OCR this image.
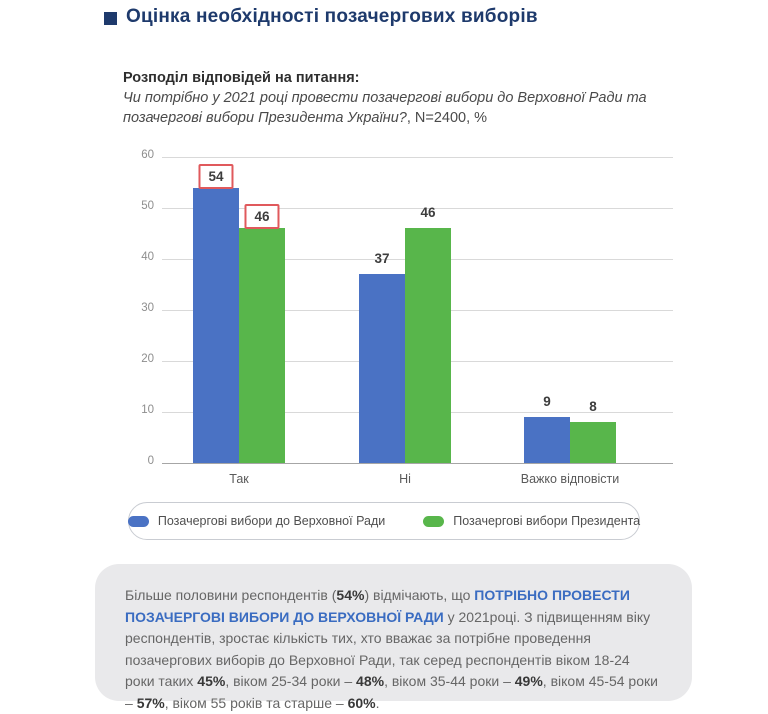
Оцінка необхідності позачергових виборів
Розподіл відповідей на питання:
Чи потрібно у 2021 році провести позачергові вибори до Верховної Ради та позачергові вибори Президента України?, N=2400, %
0
10
20
30
40
50
60
54
46
37
46
9	8
Так	Ні	Важко відповісти
Позачергові вибори до Верховної Ради	Позачергові вибори Президента
Більше половини респондентів (54%) відмічають, що ПОТРІБНО ПРОВЕСТИ ПОЗАЧЕРГОВІ ВИБОРИ ДО ВЕРХОВНОЇ РАДИ у 2021році. З підвищенням віку респондентів, зростає кількість тих, хто вважає за потрібне проведення позачергових виборів до Верховної Ради, так серед респондентів віком 18-24 роки таких 45%, віком 25-34 роки – 48%, віком 35-44 роки – 49%, віком 45-54 роки – 57%, віком 55 років та старше – 60%.
